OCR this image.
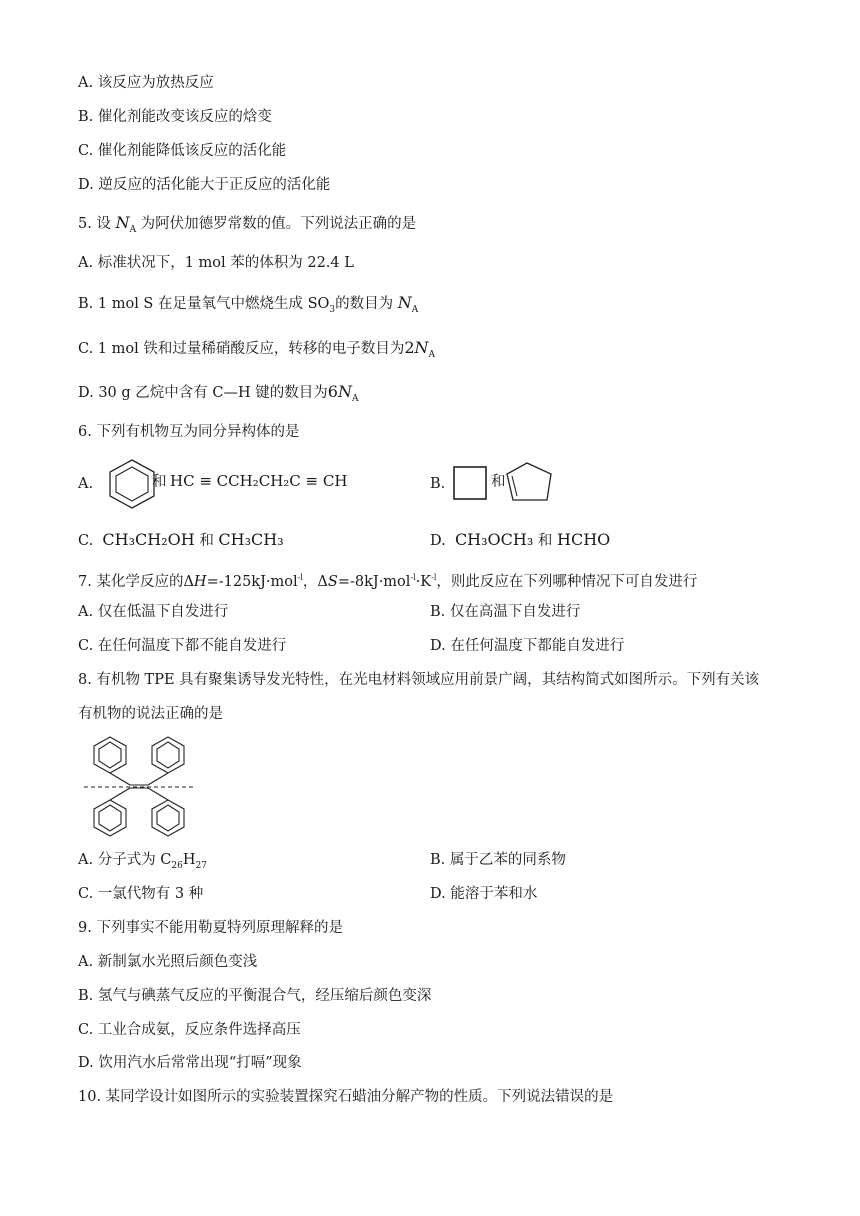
A. 该反应为放热反应
B. 催化剂能改变该反应的焓变
C. 催化剂能降低该反应的活化能
D. 逆反应的活化能大于正反应的活化能
5. 设 $N_A$ 为阿伏加德罗常数的值。下列说法正确的是
A. 标准状况下，1 mol 苯的体积为 22.4 L
B. 1 mol S 在足量氧气中燃烧生成 $SO_3$的数目为 $N_A$
C. 1 mol 铁和过量稀硝酸反应，转移的电子数目为$2N_A$
D. 30 g 乙烷中含有 C—H 键的数目为$6N_A$
6. 下列有机物互为同分异构体的是
A.	和 HC ≡ CCH₂CH₂C ≡ CH	B.	和
C. CH₃CH₂OH 和 CH₃CH₃	D. CH₃OCH₃ 和 HCHO
7. 某化学反应的ΔH=-125kJ·mol$^{-l}$，$\Delta S=-8kJ\cdot mol^{-l}\cdot K^{-l}$，则此反应在下列哪种情况下可自发进行
A. 仅在低温下自发进行	B. 仅在高温下自发进行
C. 在任何温度下都不能自发进行	D. 在任何温度下都能自发进行
8. 有机物 TPE 具有聚集诱导发光特性，在光电材料领域应用前景广阔，其结构简式如图所示。下列有关该
有机物的说法正确的是
A. 分子式为 $C_{26}H_{27}$	B. 属于乙苯的同系物
C. 一氯代物有 3 种	D. 能溶于苯和水
9. 下列事实不能用勒夏特列原理解释的是
A. 新制氯水光照后颜色变浅
B. 氢气与碘蒸气反应的平衡混合气，经压缩后颜色变深
C. 工业合成氨，反应条件选择高压
D. 饮用汽水后常常出现“打嗝”现象
10. 某同学设计如图所示的实验装置探究石蜡油分解产物的性质。下列说法错误的是
